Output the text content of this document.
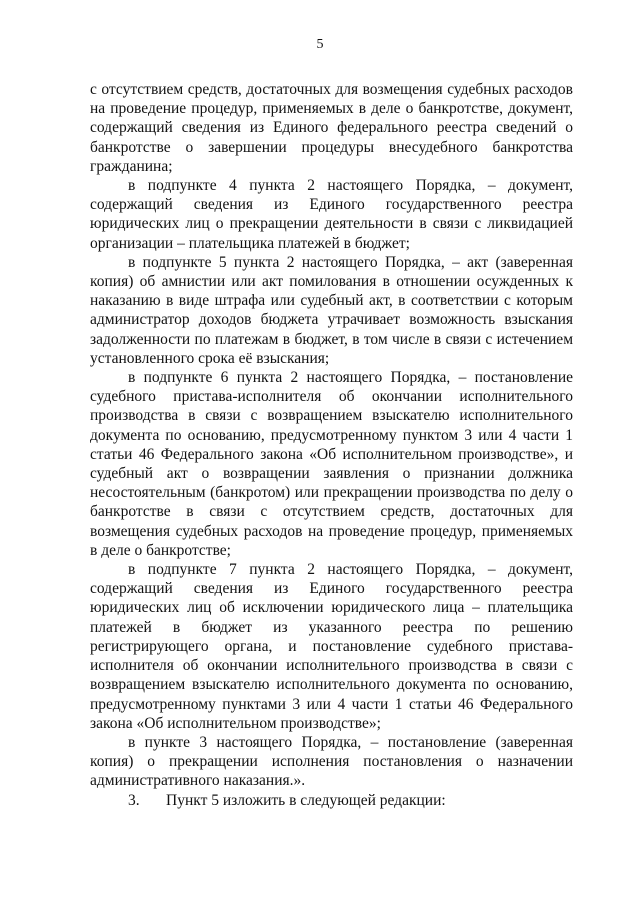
5

с отсутствием средств, достаточных для возмещения судебных расходов на проведение процедур, применяемых в деле о банкротстве, документ, содержащий сведения из Единого федерального реестра сведений о банкротстве о завершении процедуры внесудебного банкротства гражданина;

в подпункте 4 пункта 2 настоящего Порядка, – документ, содержащий сведения из Единого государственного реестра юридических лиц о прекращении деятельности в связи с ликвидацией организации – плательщика платежей в бюджет;

в подпункте 5 пункта 2 настоящего Порядка, – акт (заверенная копия) об амнистии или акт помилования в отношении осужденных к наказанию в виде штрафа или судебный акт, в соответствии с которым администратор доходов бюджета утрачивает возможность взыскания задолженности по платежам в бюджет, в том числе в связи с истечением установленного срока её взыскания;

в подпункте 6 пункта 2 настоящего Порядка, – постановление судебного пристава-исполнителя об окончании исполнительного производства в связи с возвращением взыскателю исполнительного документа по основанию, предусмотренному пунктом 3 или 4 части 1 статьи 46 Федерального закона «Об исполнительном производстве», и судебный акт о возвращении заявления о признании должника несостоятельным (банкротом) или прекращении производства по делу о банкротстве в связи с отсутствием средств, достаточных для возмещения судебных расходов на проведение процедур, применяемых в деле о банкротстве;

в подпункте 7 пункта 2 настоящего Порядка, – документ, содержащий сведения из Единого государственного реестра юридических лиц об исключении юридического лица – плательщика платежей в бюджет из указанного реестра по решению регистрирующего органа, и постановление судебного пристава-исполнителя об окончании исполнительного производства в связи с возвращением взыскателю исполнительного документа по основанию, предусмотренному пунктами 3 или 4 части 1 статьи 46 Федерального закона «Об исполнительном производстве»;

в пункте 3 настоящего Порядка, – постановление (заверенная копия) о прекращении исполнения постановления о назначении административного наказания.».

3. Пункт 5 изложить в следующей редакции:
